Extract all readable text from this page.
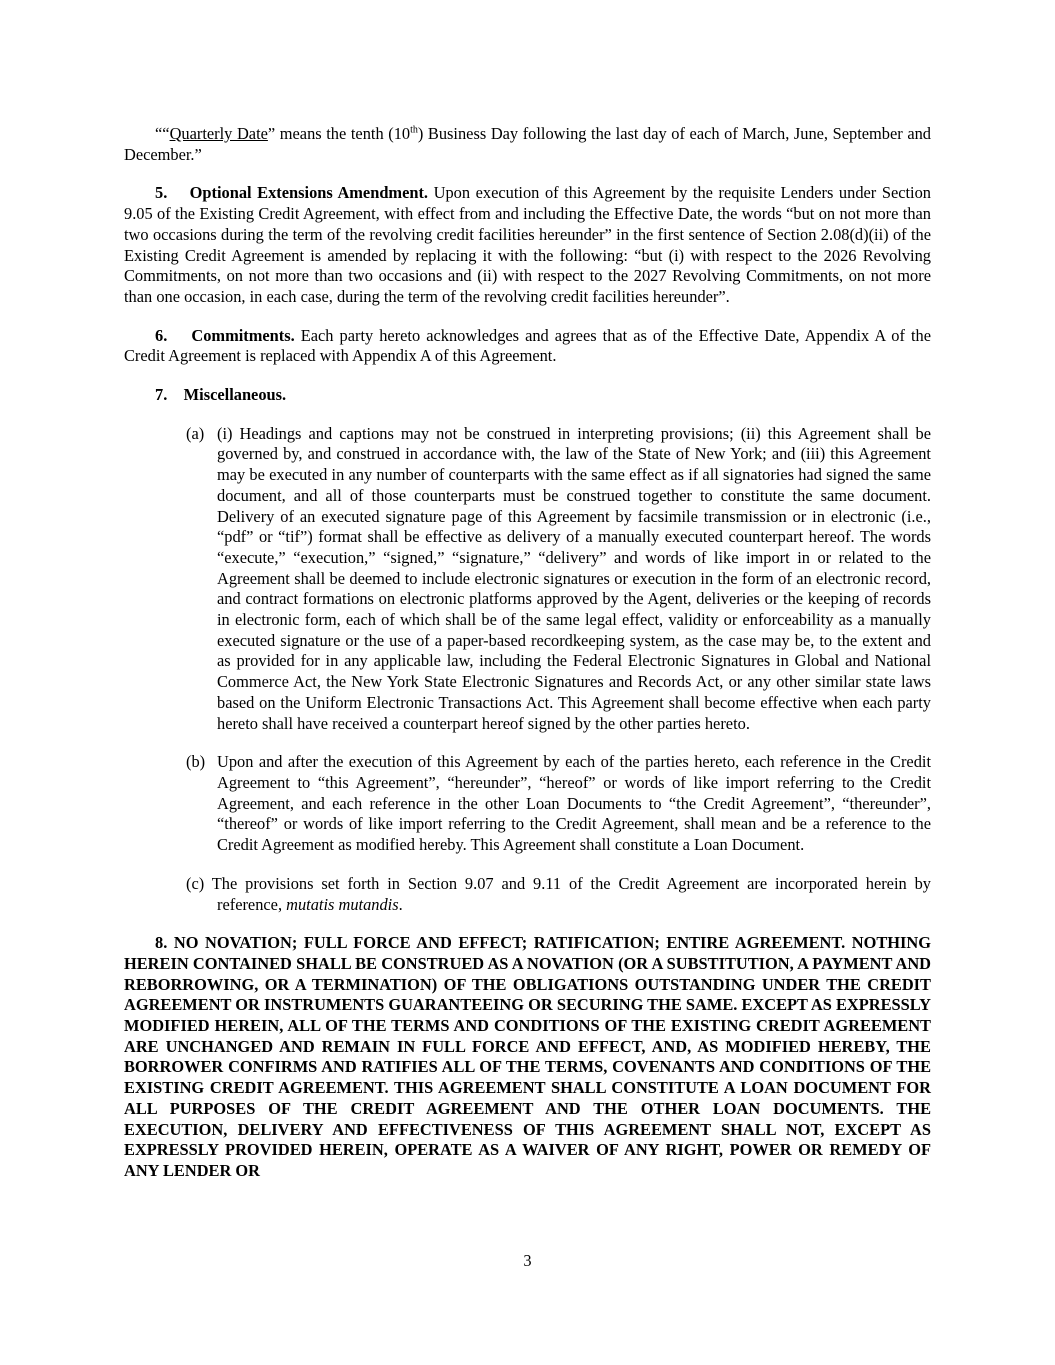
““Quarterly Date” means the tenth (10th) Business Day following the last day of each of March, June, September and December.”

5.    Optional Extensions Amendment. Upon execution of this Agreement by the requisite Lenders under Section 9.05 of the Existing Credit Agreement, with effect from and including the Effective Date, the words “but on not more than two occasions during the term of the revolving credit facilities hereunder” in the first sentence of Section 2.08(d)(ii) of the Existing Credit Agreement is amended by replacing it with the following: “but (i) with respect to the 2026 Revolving Commitments, on not more than two occasions and (ii) with respect to the 2027 Revolving Commitments, on not more than one occasion, in each case, during the term of the revolving credit facilities hereunder”.

6.    Commitments. Each party hereto acknowledges and agrees that as of the Effective Date, Appendix A of the Credit Agreement is replaced with Appendix A of this Agreement.

7.    Miscellaneous.

(a) (i) Headings and captions may not be construed in interpreting provisions; (ii) this Agreement shall be governed by, and construed in accordance with, the law of the State of New York; and (iii) this Agreement may be executed in any number of counterparts with the same effect as if all signatories had signed the same document, and all of those counterparts must be construed together to constitute the same document. Delivery of an executed signature page of this Agreement by facsimile transmission or in electronic (i.e., “pdf” or “tif”) format shall be effective as delivery of a manually executed counterpart hereof. The words “execute,” “execution,” “signed,” “signature,” “delivery” and words of like import in or related to the Agreement shall be deemed to include electronic signatures or execution in the form of an electronic record, and contract formations on electronic platforms approved by the Agent, deliveries or the keeping of records in electronic form, each of which shall be of the same legal effect, validity or enforceability as a manually executed signature or the use of a paper-based recordkeeping system, as the case may be, to the extent and as provided for in any applicable law, including the Federal Electronic Signatures in Global and National Commerce Act, the New York State Electronic Signatures and Records Act, or any other similar state laws based on the Uniform Electronic Transactions Act. This Agreement shall become effective when each party hereto shall have received a counterpart hereof signed by the other parties hereto.
(b) Upon and after the execution of this Agreement by each of the parties hereto, each reference in the Credit Agreement to “this Agreement”, “hereunder”, “hereof” or words of like import referring to the Credit Agreement, and each reference in the other Loan Documents to “the Credit Agreement”, “thereunder”, “thereof” or words of like import referring to the Credit Agreement, shall mean and be a reference to the Credit Agreement as modified hereby. This Agreement shall constitute a Loan Document.

(c) The provisions set forth in Section 9.07 and 9.11 of the Credit Agreement are incorporated herein by reference, mutatis mutandis.

8. NO NOVATION; FULL FORCE AND EFFECT; RATIFICATION; ENTIRE AGREEMENT. NOTHING HEREIN CONTAINED SHALL BE CONSTRUED AS A NOVATION (OR A SUBSTITUTION, A PAYMENT AND REBORROWING, OR A TERMINATION) OF THE OBLIGATIONS OUTSTANDING UNDER THE CREDIT AGREEMENT OR INSTRUMENTS GUARANTEEING OR SECURING THE SAME. EXCEPT AS EXPRESSLY MODIFIED HEREIN, ALL OF THE TERMS AND CONDITIONS OF THE EXISTING CREDIT AGREEMENT ARE UNCHANGED AND REMAIN IN FULL FORCE AND EFFECT, AND, AS MODIFIED HEREBY, THE BORROWER CONFIRMS AND RATIFIES ALL OF THE TERMS, COVENANTS AND CONDITIONS OF THE EXISTING CREDIT AGREEMENT. THIS AGREEMENT SHALL CONSTITUTE A LOAN DOCUMENT FOR ALL PURPOSES OF THE CREDIT AGREEMENT AND THE OTHER LOAN DOCUMENTS. THE EXECUTION, DELIVERY AND EFFECTIVENESS OF THIS AGREEMENT SHALL NOT, EXCEPT AS EXPRESSLY PROVIDED HEREIN, OPERATE AS A WAIVER OF ANY RIGHT, POWER OR REMEDY OF ANY LENDER OR

3
